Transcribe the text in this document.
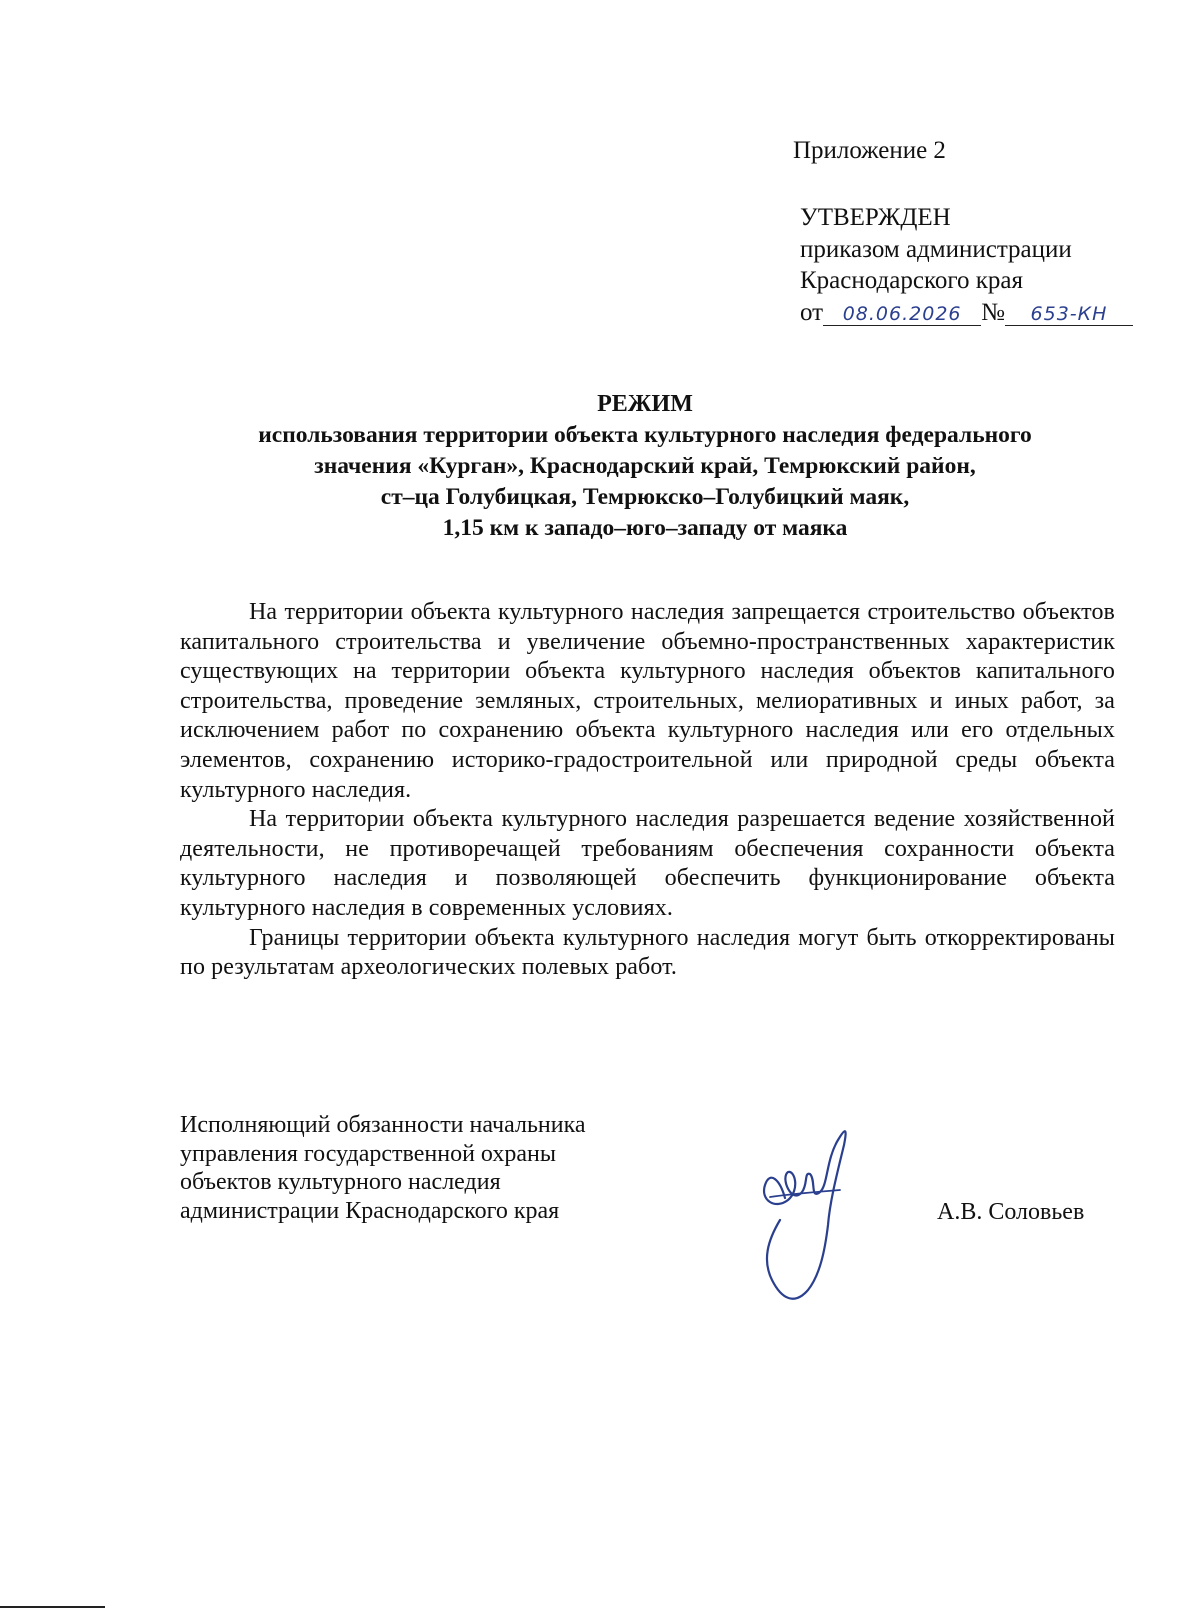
Приложение 2
УТВЕРЖДЕН
приказом администрации
Краснодарского края
от 08.06.2026 № 653-КН
РЕЖИМ
использования территории объекта культурного наследия федерального
значения «Курган», Краснодарский край, Темрюкский район,
ст–ца Голубицкая, Темрюкско–Голубицкий маяк,
1,15 км к западо–юго–западу от маяка

На территории объекта культурного наследия запрещается строительство объектов капитального строительства и увеличение объемно-пространственных характеристик существующих на территории объекта культурного наследия объектов капитального строительства, проведение земляных, строительных, мелиоративных и иных работ, за исключением работ по сохранению объекта культурного наследия или его отдельных элементов, сохранению историко-градостроительной или природной среды объекта культурного наследия.

На территории объекта культурного наследия разрешается ведение хозяйственной деятельности, не противоречащей требованиям обеспечения сохранности объекта культурного наследия и позволяющей обеспечить функционирование объекта культурного наследия в современных условиях.

Границы территории объекта культурного наследия могут быть откорректированы по результатам археологических полевых работ.

Исполняющий обязанности начальника
управления государственной охраны
объектов культурного наследия
администрации Краснодарского края	А.В. Соловьев
